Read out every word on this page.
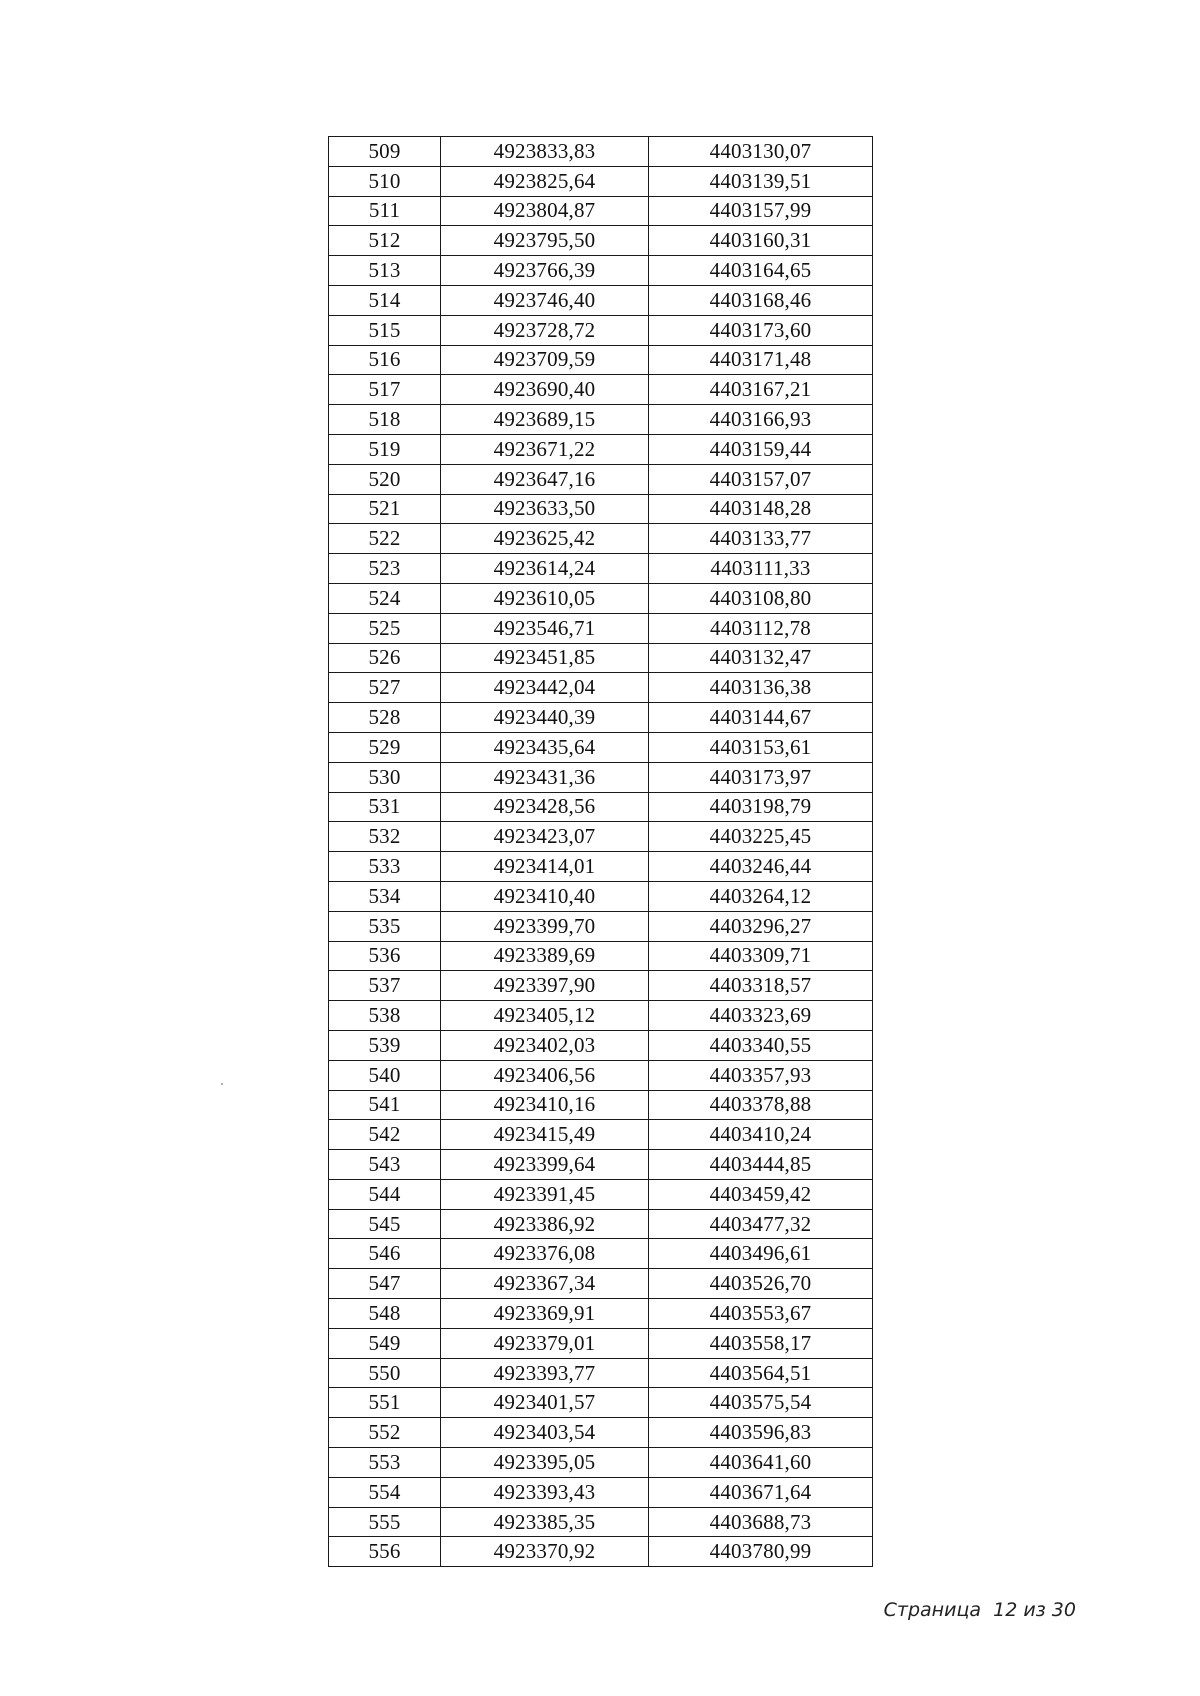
509	4923833,83	4403130,07
510	4923825,64	4403139,51
511	4923804,87	4403157,99
512	4923795,50	4403160,31
513	4923766,39	4403164,65
514	4923746,40	4403168,46
515	4923728,72	4403173,60
516	4923709,59	4403171,48
517	4923690,40	4403167,21
518	4923689,15	4403166,93
519	4923671,22	4403159,44
520	4923647,16	4403157,07
521	4923633,50	4403148,28
522	4923625,42	4403133,77
523	4923614,24	4403111,33
524	4923610,05	4403108,80
525	4923546,71	4403112,78
526	4923451,85	4403132,47
527	4923442,04	4403136,38
528	4923440,39	4403144,67
529	4923435,64	4403153,61
530	4923431,36	4403173,97
531	4923428,56	4403198,79
532	4923423,07	4403225,45
533	4923414,01	4403246,44
534	4923410,40	4403264,12
535	4923399,70	4403296,27
536	4923389,69	4403309,71
537	4923397,90	4403318,57
538	4923405,12	4403323,69
539	4923402,03	4403340,55
540	4923406,56	4403357,93
541	4923410,16	4403378,88
542	4923415,49	4403410,24
543	4923399,64	4403444,85
544	4923391,45	4403459,42
545	4923386,92	4403477,32
546	4923376,08	4403496,61
547	4923367,34	4403526,70
548	4923369,91	4403553,67
549	4923379,01	4403558,17
550	4923393,77	4403564,51
551	4923401,57	4403575,54
552	4923403,54	4403596,83
553	4923395,05	4403641,60
554	4923393,43	4403671,64
555	4923385,35	4403688,73
556	4923370,92	4403780,99
Страница  12 из 30
